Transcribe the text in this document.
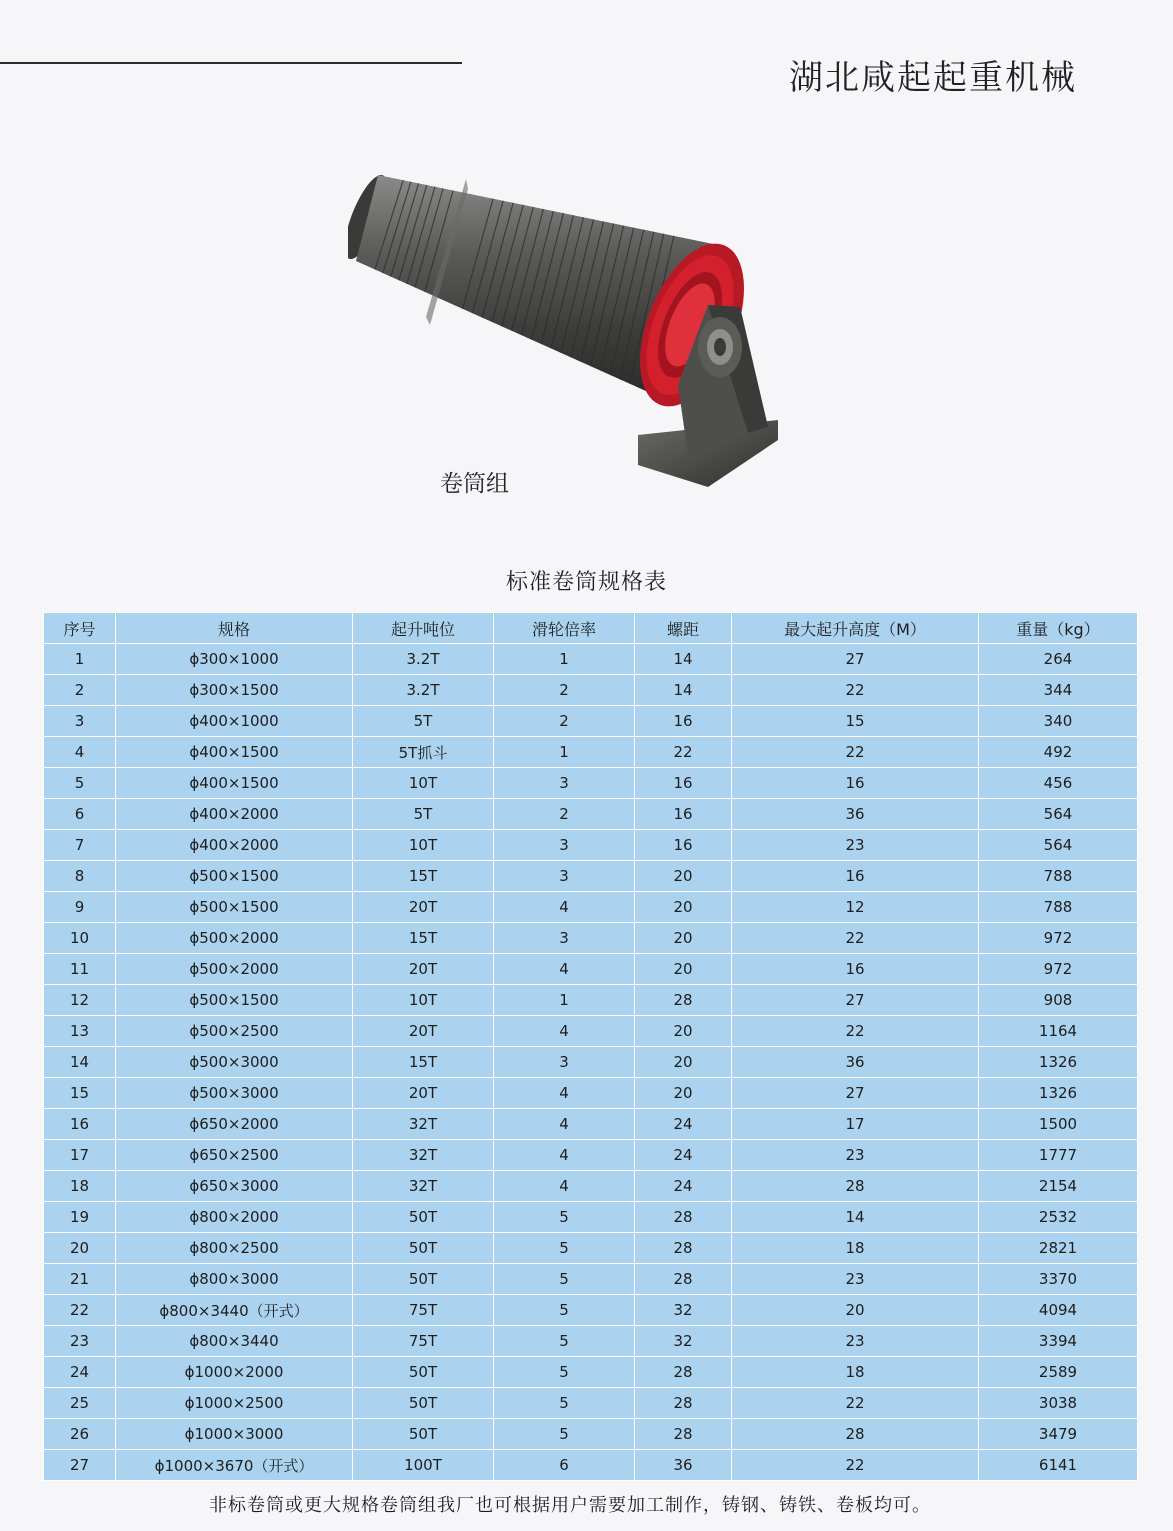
湖北咸起起重机械
卷筒组
标准卷筒规格表
序号	规格	起升吨位	滑轮倍率	螺距	最大起升高度（M）	重量（kg）
1	ϕ300×1000	3.2T	1	14	27	264
2	ϕ300×1500	3.2T	2	14	22	344
3	ϕ400×1000	5T	2	16	15	340
4	ϕ400×1500	5T抓斗	1	22	22	492
5	ϕ400×1500	10T	3	16	16	456
6	ϕ400×2000	5T	2	16	36	564
7	ϕ400×2000	10T	3	16	23	564
8	ϕ500×1500	15T	3	20	16	788
9	ϕ500×1500	20T	4	20	12	788
10	ϕ500×2000	15T	3	20	22	972
11	ϕ500×2000	20T	4	20	16	972
12	ϕ500×1500	10T	1	28	27	908
13	ϕ500×2500	20T	4	20	22	1164
14	ϕ500×3000	15T	3	20	36	1326
15	ϕ500×3000	20T	4	20	27	1326
16	ϕ650×2000	32T	4	24	17	1500
17	ϕ650×2500	32T	4	24	23	1777
18	ϕ650×3000	32T	4	24	28	2154
19	ϕ800×2000	50T	5	28	14	2532
20	ϕ800×2500	50T	5	28	18	2821
21	ϕ800×3000	50T	5	28	23	3370
22	ϕ800×3440（开式）	75T	5	32	20	4094
23	ϕ800×3440	75T	5	32	23	3394
24	ϕ1000×2000	50T	5	28	18	2589
25	ϕ1000×2500	50T	5	28	22	3038
26	ϕ1000×3000	50T	5	28	28	3479
27	ϕ1000×3670（开式）	100T	6	36	22	6141
非标卷筒或更大规格卷筒组我厂也可根据用户需要加工制作，铸钢、铸铁、卷板均可。
